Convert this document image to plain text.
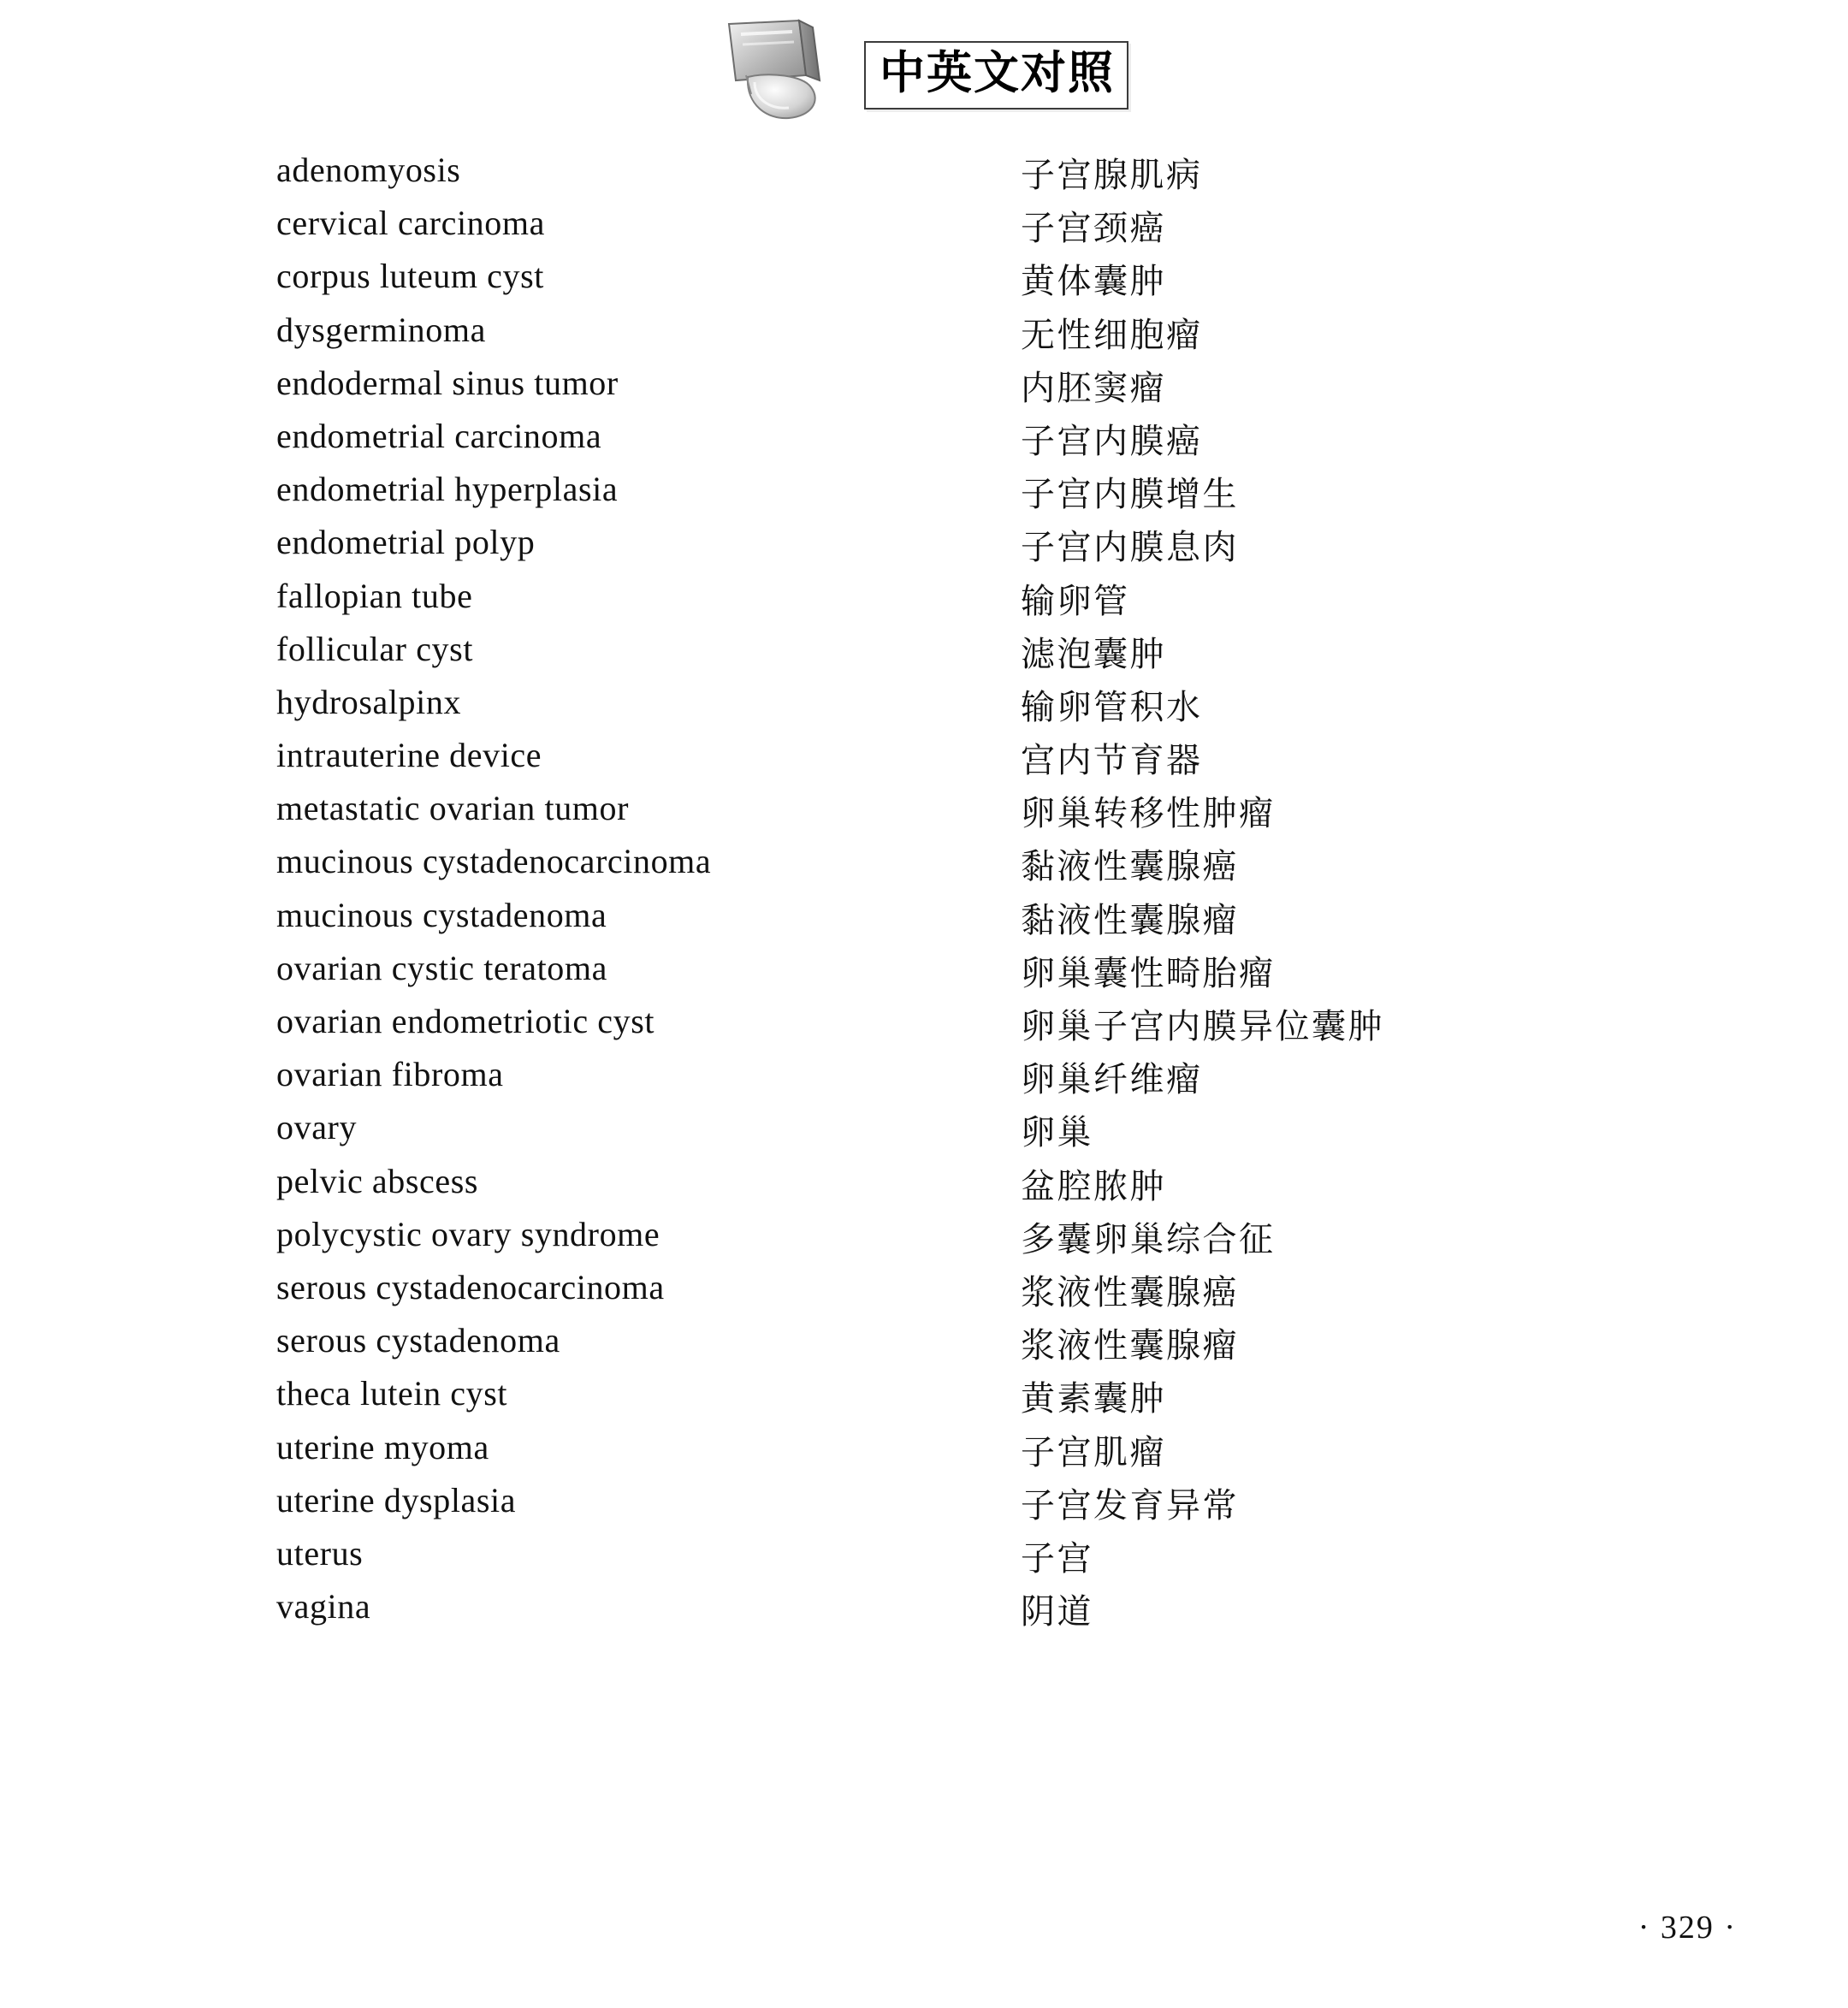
中英文对照
adenomyosis	子宫腺肌病
cervical carcinoma	子宫颈癌
corpus luteum cyst	黄体囊肿
dysgerminoma	无性细胞瘤
endodermal sinus tumor	内胚窦瘤
endometrial carcinoma	子宫内膜癌
endometrial hyperplasia	子宫内膜增生
endometrial polyp	子宫内膜息肉
fallopian tube	输卵管
follicular cyst	滤泡囊肿
hydrosalpinx	输卵管积水
intrauterine device	宫内节育器
metastatic ovarian tumor	卵巢转移性肿瘤
mucinous cystadenocarcinoma	黏液性囊腺癌
mucinous cystadenoma	黏液性囊腺瘤
ovarian cystic teratoma	卵巢囊性畸胎瘤
ovarian endometriotic cyst	卵巢子宫内膜异位囊肿
ovarian fibroma	卵巢纤维瘤
ovary	卵巢
pelvic abscess	盆腔脓肿
polycystic ovary syndrome	多囊卵巢综合征
serous cystadenocarcinoma	浆液性囊腺癌
serous cystadenoma	浆液性囊腺瘤
theca lutein cyst	黄素囊肿
uterine myoma	子宫肌瘤
uterine dysplasia	子宫发育异常
uterus	子宫
vagina	阴道
· 329 ·
